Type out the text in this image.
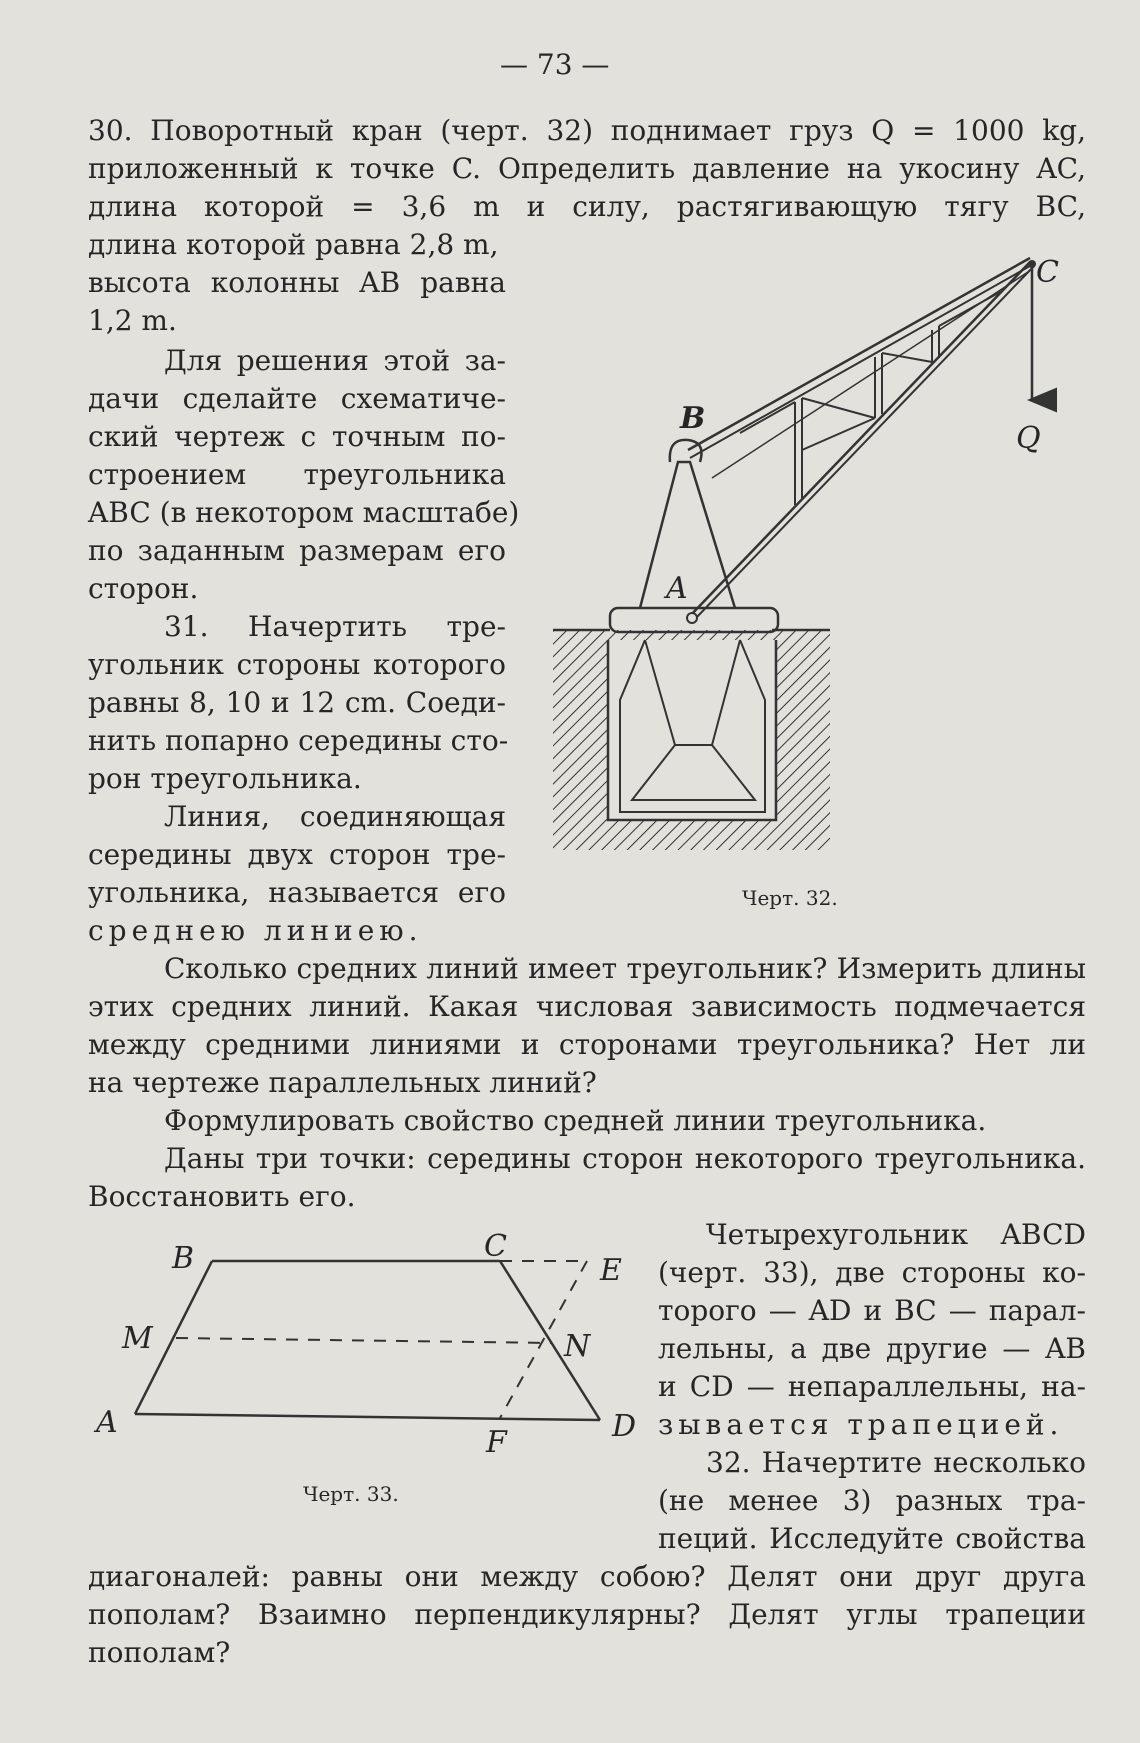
— 73 —

30. Поворотный кран (черт. 32) поднимает груз Q = 1000 kg,

приложенный к точке C. Определить давление на укосину AC,

длина которой = 3,6 m и силу, растягивающую тягу BC,

длина которой равна 2,8 m,

высота колонны AB равна

1,2 m.

Для решения этой за-

дачи сделайте схематиче-

ский чертеж с точным по-

строением треугольника

ABC (в некотором масштабе)

по заданным размерам его

сторон.

31. Начертить тре-

угольник стороны которого

равны 8, 10 и 12 cm. Соеди-

нить попарно середины сто-

рон треугольника.

Линия, соединяющая

середины двух сторон тре-

угольника, называется его

среднею линиею.

Сколько средних линий имеет треугольник? Измерить длины

этих средних линий. Какая числовая зависимость подмечается

между средними линиями и сторонами треугольника? Нет ли

на чертеже параллельных линий?

Формулировать свойство средней линии треугольника.

Даны три точки: середины сторон некоторого треугольника.

Восстановить его.

Четырехугольник ABCD

(черт. 33), две стороны ко-

торого — AD и BC — парал-

лельны, а две другие — AB

и CD — непараллельны, на-

зывается трапецией.

32. Начертите несколько

(не менее 3) разных тра-

пеций. Исследуйте свойства

диагоналей: равны они между собою? Делят они друг друга

пополам? Взаимно перпендикулярны? Делят углы трапеции

пополам?

B
A
C
Q

Черт. 32.

B	C
E
M	N
A	D
F

Черт. 33.
